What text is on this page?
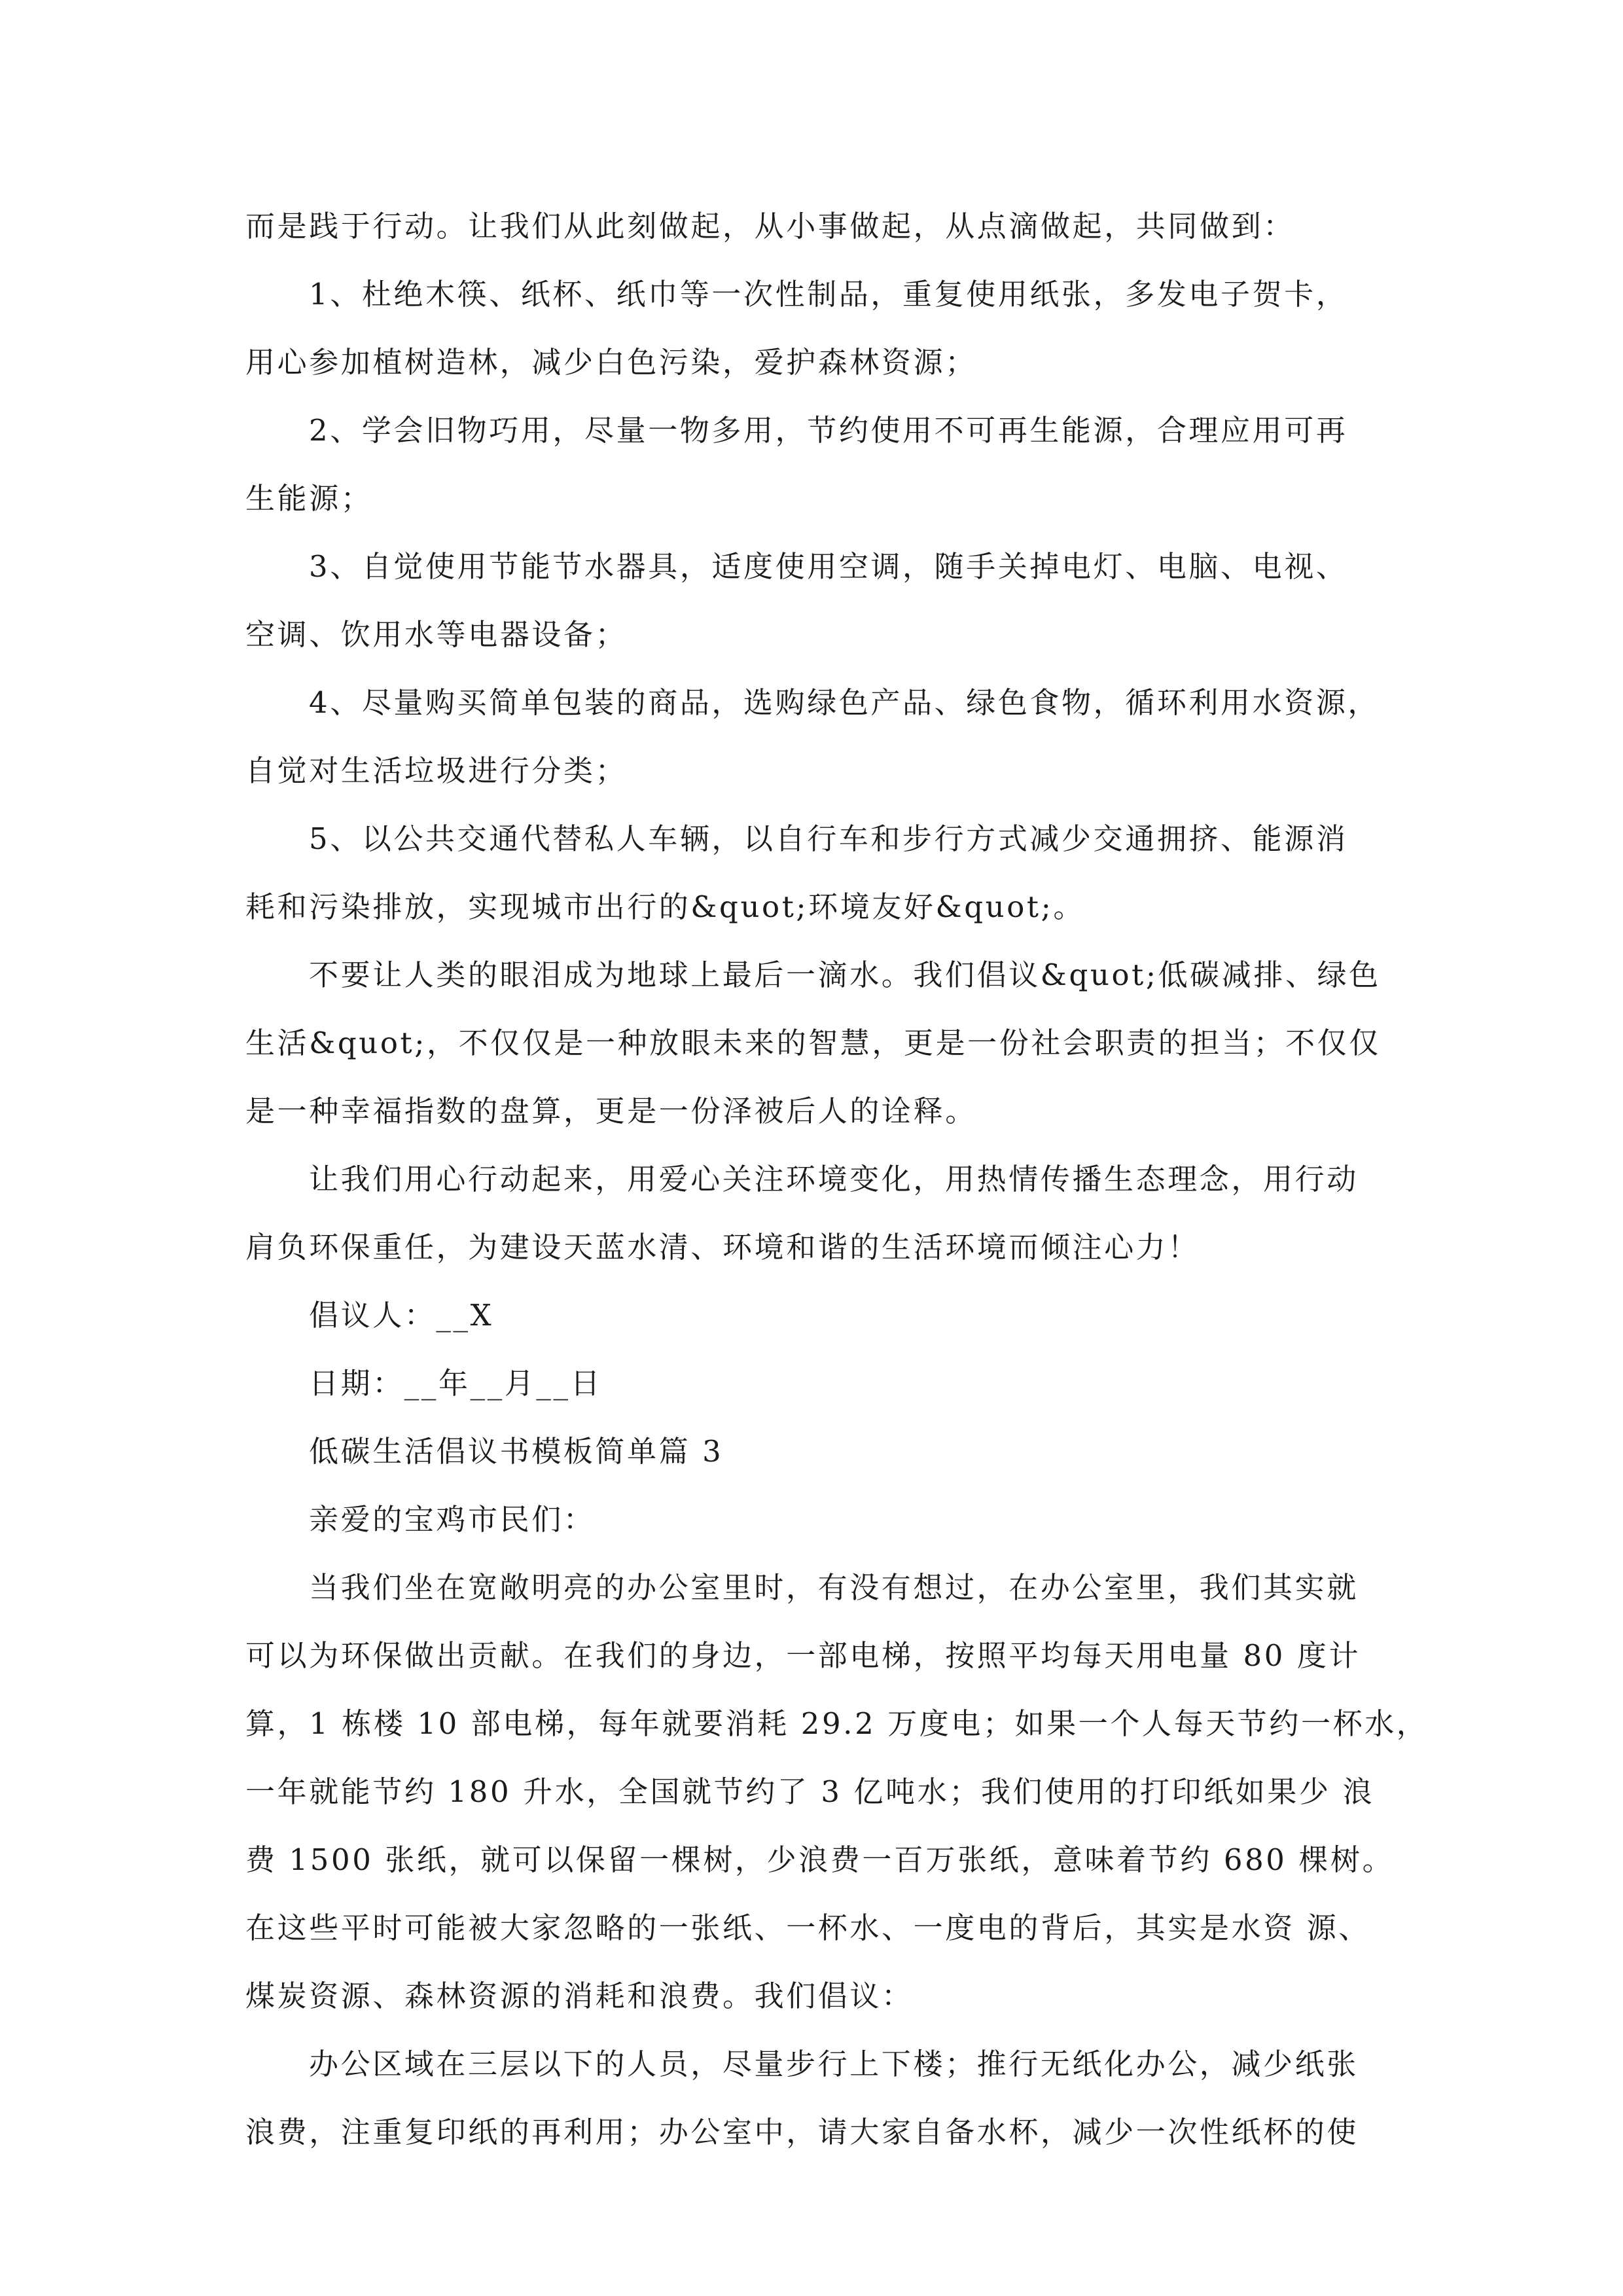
而是践于行动。让我们从此刻做起，从小事做起，从点滴做起，共同做到：

1、杜绝木筷、纸杯、纸巾等一次性制品，重复使用纸张，多发电子贺卡，

用心参加植树造林，减少白色污染，爱护森林资源；

2、学会旧物巧用，尽量一物多用，节约使用不可再生能源，合理应用可再

生能源；

3、自觉使用节能节水器具，适度使用空调，随手关掉电灯、电脑、电视、

空调、饮用水等电器设备；

4、尽量购买简单包装的商品，选购绿色产品、绿色食物，循环利用水资源，

自觉对生活垃圾进行分类；

5、以公共交通代替私人车辆，以自行车和步行方式减少交通拥挤、能源消

耗和污染排放，实现城市出行的&quot;环境友好&quot;。

不要让人类的眼泪成为地球上最后一滴水。我们倡议&quot;低碳减排、绿色

生活&quot;，不仅仅是一种放眼未来的智慧，更是一份社会职责的担当；不仅仅

是一种幸福指数的盘算，更是一份泽被后人的诠释。

让我们用心行动起来，用爱心关注环境变化，用热情传播生态理念，用行动

肩负环保重任，为建设天蓝水清、环境和谐的生活环境而倾注心力！

倡议人：__X

日期：__年__月__日

低碳生活倡议书模板简单篇 3

亲爱的宝鸡市民们：

当我们坐在宽敞明亮的办公室里时，有没有想过，在办公室里，我们其实就

可以为环保做出贡献。在我们的身边，一部电梯，按照平均每天用电量 80 度计

算，1 栋楼 10 部电梯，每年就要消耗 29.2 万度电；如果一个人每天节约一杯水，

一年就能节约 180 升水，全国就节约了 3 亿吨水；我们使用的打印纸如果少 浪

费 1500 张纸，就可以保留一棵树，少浪费一百万张纸，意味着节约 680 棵树。

在这些平时可能被大家忽略的一张纸、一杯水、一度电的背后，其实是水资 源、

煤炭资源、森林资源的消耗和浪费。我们倡议：

办公区域在三层以下的人员，尽量步行上下楼；推行无纸化办公，减少纸张

浪费，注重复印纸的再利用；办公室中，请大家自备水杯，减少一次性纸杯的使
